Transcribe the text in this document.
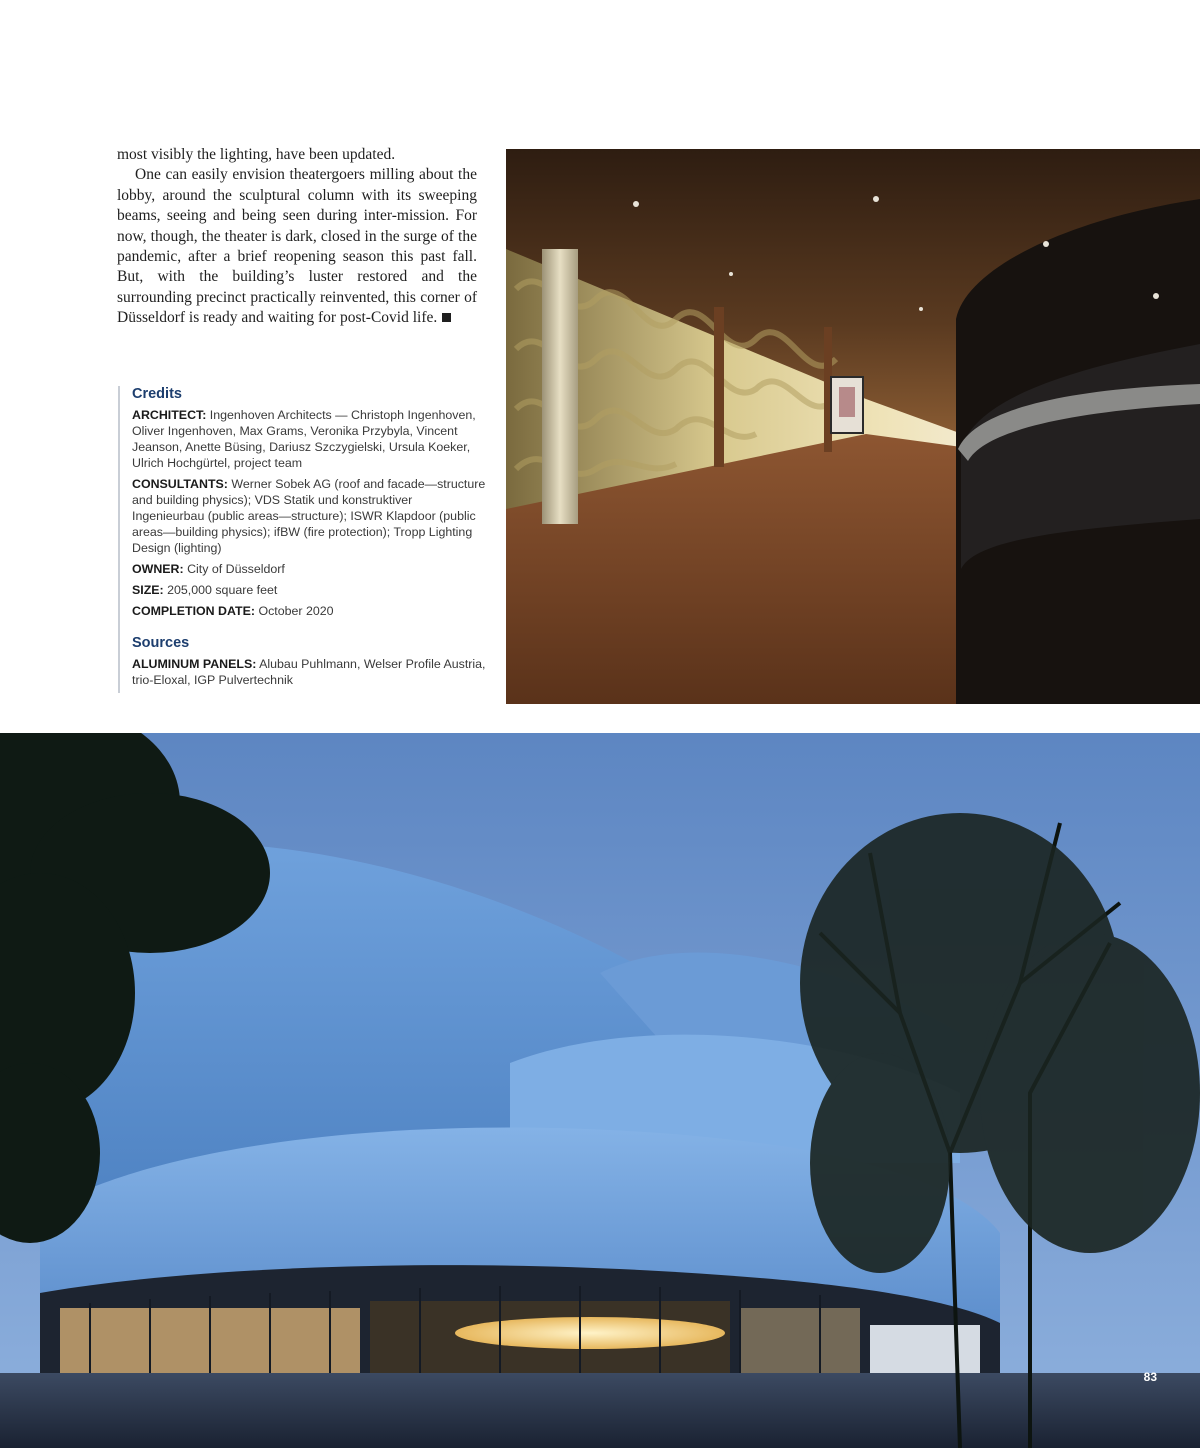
most visibly the lighting, have been updated.

One can easily envision theatergoers milling about the lobby, around the sculptural column with its sweeping beams, seeing and being seen during inter-mission. For now, though, the theater is dark, closed in the surge of the pandemic, after a brief reopening season this past fall. But, with the building’s luster restored and the surrounding precinct practically reinvented, this corner of Düsseldorf is ready and waiting for post-Covid life.

Credits

ARCHITECT: Ingenhoven Architects — Christoph Ingenhoven, Oliver Ingenhoven, Max Grams, Veronika Przybyla, Vincent Jeanson, Anette Büsing, Dariusz Szczygielski, Ursula Koeker, Ulrich Hochgürtel, project team

CONSULTANTS: Werner Sobek AG (roof and facade—structure and building physics); VDS Statik und konstruktiver Ingenieurbau (public areas—structure); ISWR Klapdoor (public areas—building physics); ifBW (fire protection); Tropp Lighting Design (lighting)

OWNER: City of Düsseldorf

SIZE: 205,000 square feet

COMPLETION DATE: October 2020

Sources

ALUMINUM PANELS: Alubau Puhlmann, Welser Profile Austria, trio-Eloxal, IGP Pulvertechnik

83
